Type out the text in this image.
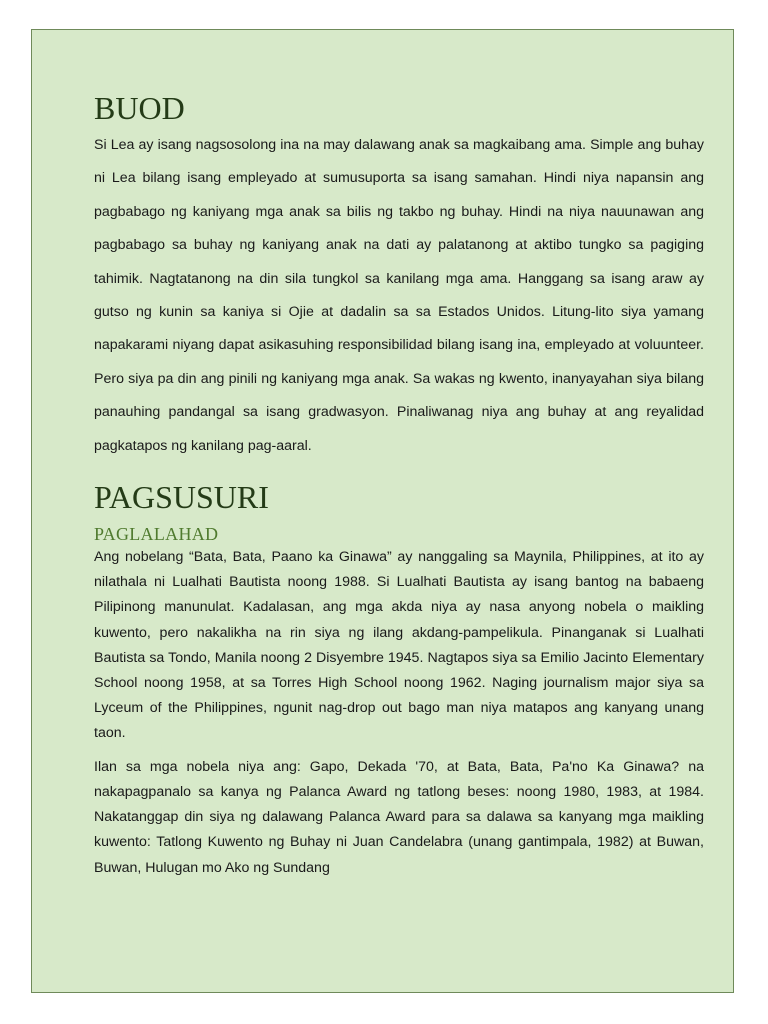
BUOD

Si Lea ay isang nagsosolong ina na may dalawang anak sa magkaibang ama. Simple ang buhay ni Lea bilang isang empleyado at sumusuporta sa isang samahan. Hindi niya napansin ang pagbabago ng kaniyang mga anak sa bilis ng takbo ng buhay. Hindi na niya nauunawan ang pagbabago sa buhay ng kaniyang anak na dati ay palatanong at aktibo tungko sa pagiging tahimik. Nagtatanong na din sila tungkol sa kanilang mga ama. Hanggang sa isang araw ay gutso ng kunin sa kaniya si Ojie at dadalin sa sa Estados Unidos. Litung-lito siya yamang napakarami niyang dapat asikasuhing responsibilidad bilang isang ina, empleyado at voluunteer. Pero siya pa din ang pinili ng kaniyang mga anak. Sa wakas ng kwento, inanyayahan siya bilang panauhing pandangal sa isang gradwasyon. Pinaliwanag niya ang buhay at ang reyalidad pagkatapos ng kanilang pag-aaral.

PAGSUSURI
PAGLALAHAD

Ang nobelang “Bata, Bata, Paano ka Ginawa” ay nanggaling sa Maynila, Philippines, at ito ay nilathala ni Lualhati Bautista noong 1988. Si Lualhati Bautista ay isang bantog na babaeng Pilipinong manunulat. Kadalasan, ang mga akda niya ay nasa anyong nobela o maikling kuwento, pero nakalikha na rin siya ng ilang akdang-pampelikula. Pinanganak si Lualhati Bautista sa Tondo, Manila noong 2 Disyembre 1945. Nagtapos siya sa Emilio Jacinto Elementary School noong 1958, at sa Torres High School noong 1962. Naging journalism major siya sa Lyceum of the Philippines, ngunit nag-drop out bago man niya matapos ang kanyang unang taon.

Ilan sa mga nobela niya ang: Gapo, Dekada '70, at Bata, Bata, Pa'no Ka Ginawa? na nakapagpanalo sa kanya ng Palanca Award ng tatlong beses: noong 1980, 1983, at 1984. Nakatanggap din siya ng dalawang Palanca Award para sa dalawa sa kanyang mga maikling kuwento: Tatlong Kuwento ng Buhay ni Juan Candelabra (unang gantimpala, 1982) at Buwan, Buwan, Hulugan mo Ako ng Sundang
